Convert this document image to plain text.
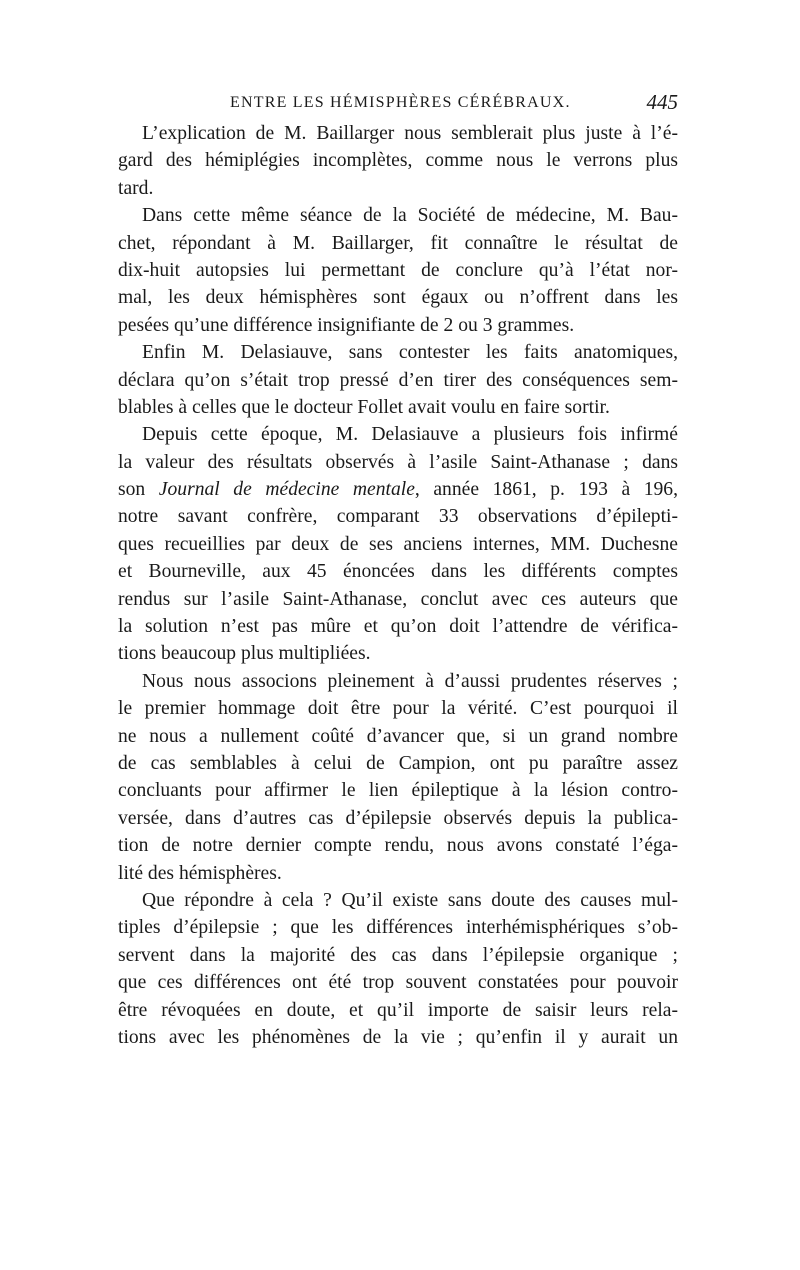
ENTRE LES HÉMISPHÈRES CÉRÉBRAUX.	445
L’explication de M. Baillarger nous semblerait plus juste à l’é-
gard des hémiplégies incomplètes, comme nous le verrons plus
tard.
Dans cette même séance de la Société de médecine, M. Bau-
chet, répondant à M. Baillarger, fit connaître le résultat de
dix-huit autopsies lui permettant de conclure qu’à l’état nor-
mal, les deux hémisphères sont égaux ou n’offrent dans les
pesées qu’une différence insignifiante de 2 ou 3 grammes.
Enfin M. Delasiauve, sans contester les faits anatomiques,
déclara qu’on s’était trop pressé d’en tirer des conséquences sem-
blables à celles que le docteur Follet avait voulu en faire sortir.
Depuis cette époque, M. Delasiauve a plusieurs fois infirmé
la valeur des résultats observés à l’asile Saint-Athanase ; dans
son Journal de médecine mentale, année 1861, p. 193 à 196,
notre savant confrère, comparant 33 observations d’épilepti-
ques recueillies par deux de ses anciens internes, MM. Duchesne
et Bourneville, aux 45 énoncées dans les différents comptes
rendus sur l’asile Saint-Athanase, conclut avec ces auteurs que
la solution n’est pas mûre et qu’on doit l’attendre de vérifica-
tions beaucoup plus multipliées.
Nous nous associons pleinement à d’aussi prudentes réserves ;
le premier hommage doit être pour la vérité. C’est pourquoi il
ne nous a nullement coûté d’avancer que, si un grand nombre
de cas semblables à celui de Campion, ont pu paraître assez
concluants pour affirmer le lien épileptique à la lésion contro-
versée, dans d’autres cas d’épilepsie observés depuis la publica-
tion de notre dernier compte rendu, nous avons constaté l’éga-
lité des hémisphères.
Que répondre à cela ? Qu’il existe sans doute des causes mul-
tiples d’épilepsie ; que les différences interhémisphériques s’ob-
servent dans la majorité des cas dans l’épilepsie organique ;
que ces différences ont été trop souvent constatées pour pouvoir
être révoquées en doute, et qu’il importe de saisir leurs rela-
tions avec les phénomènes de la vie ; qu’enfin il y aurait un
